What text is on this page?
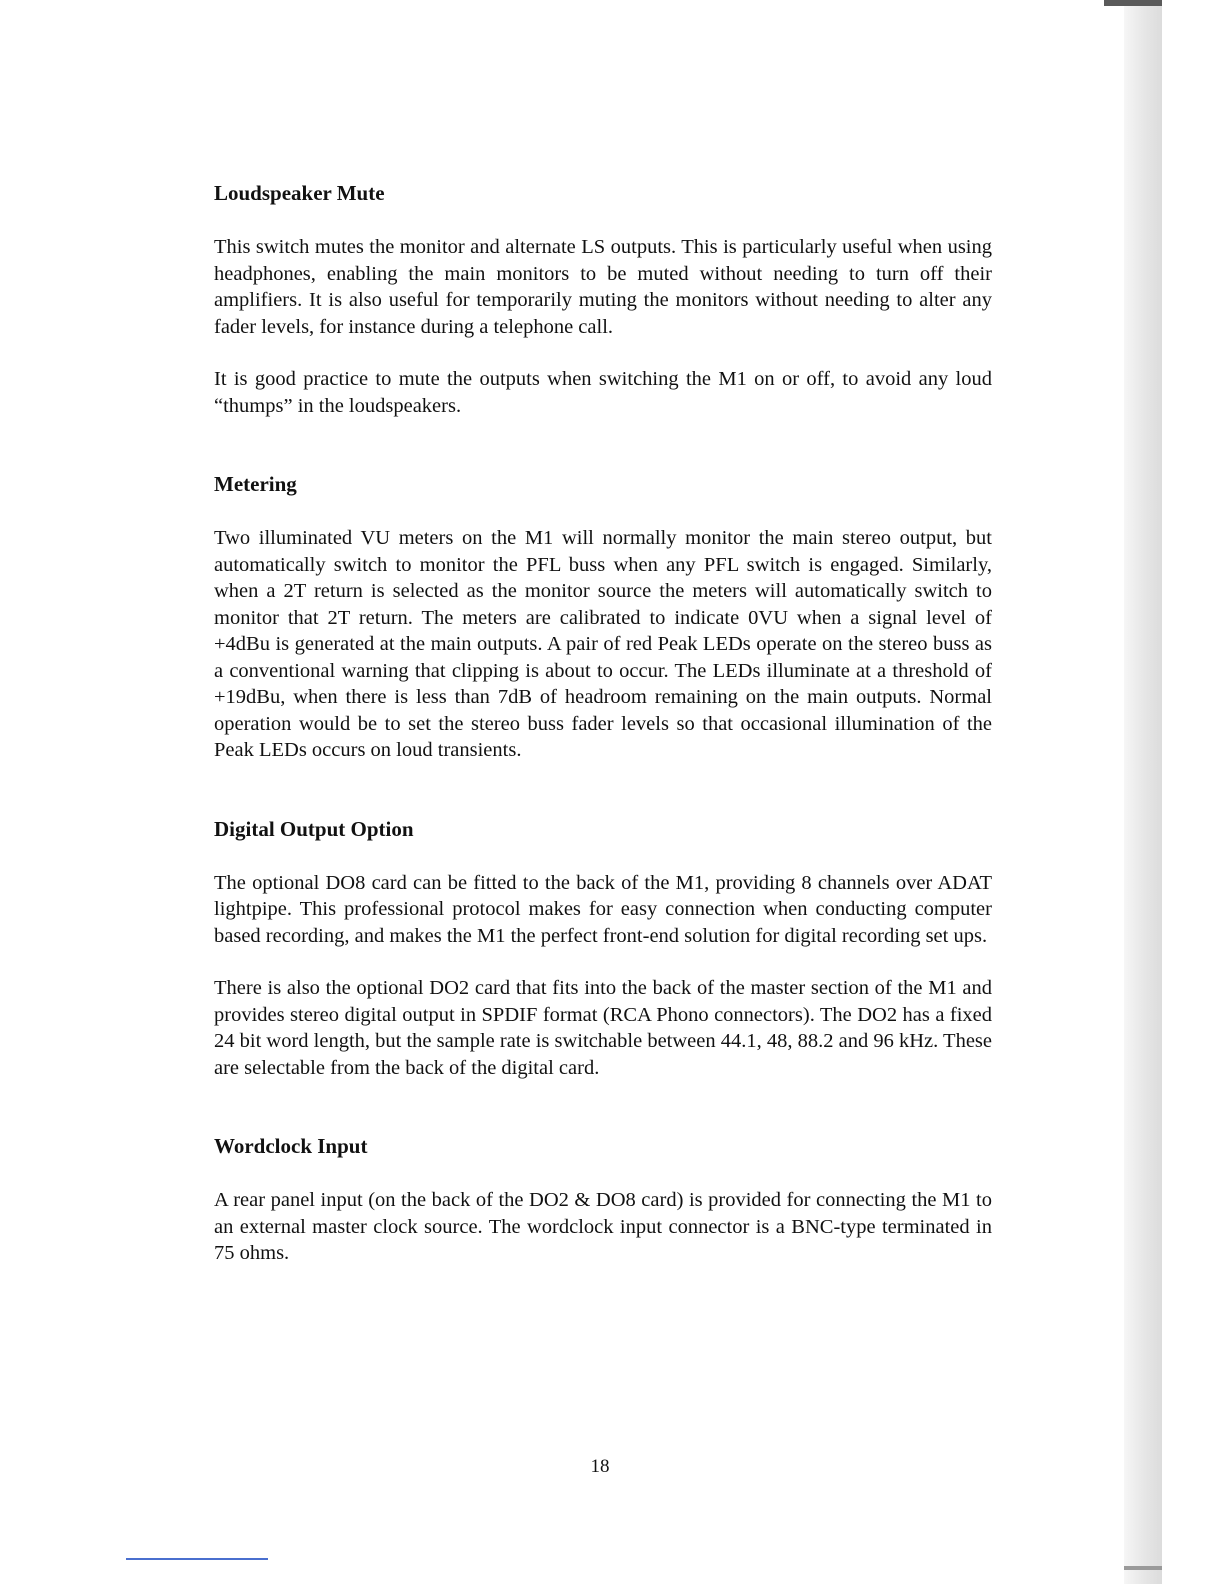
Loudspeaker Mute
This switch mutes the monitor and alternate LS outputs. This is particularly useful when using headphones, enabling the main monitors to be muted without needing to turn off their amplifiers. It is also useful for temporarily muting the monitors without needing to alter any fader levels, for instance during a telephone call.
It is good practice to mute the outputs when switching the M1 on or off, to avoid any loud “thumps” in the loudspeakers.
Metering
Two illuminated VU meters on the M1 will normally monitor the main stereo output, but automatically switch to monitor the PFL buss when any PFL switch is engaged. Similarly, when a 2T return is selected as the monitor source the meters will automatically switch to monitor that 2T return. The meters are calibrated to indicate 0VU when a signal level of +4dBu is generated at the main outputs. A pair of red Peak LEDs operate on the stereo buss as a conventional warning that clipping is about to occur. The LEDs illuminate at a threshold of +19dBu, when there is less than 7dB of headroom remaining on the main outputs. Normal operation would be to set the stereo buss fader levels so that occasional illumination of the Peak LEDs occurs on loud transients.
Digital Output Option
The optional DO8 card can be fitted to the back of the M1, providing 8 channels over ADAT lightpipe. This professional protocol makes for easy connection when conducting computer based recording, and makes the M1 the perfect front-end solution for digital recording set ups.
There is also the optional DO2 card that fits into the back of the master section of the M1 and provides stereo digital output in SPDIF format (RCA Phono connectors). The DO2 has a fixed 24 bit word length, but the sample rate is switchable between 44.1, 48, 88.2 and 96 kHz. These are selectable from the back of the digital card.
Wordclock Input
A rear panel input (on the back of the DO2 & DO8 card) is provided for connecting the M1 to an external master clock source. The wordclock input connector is a BNC-type terminated in 75 ohms.
18
